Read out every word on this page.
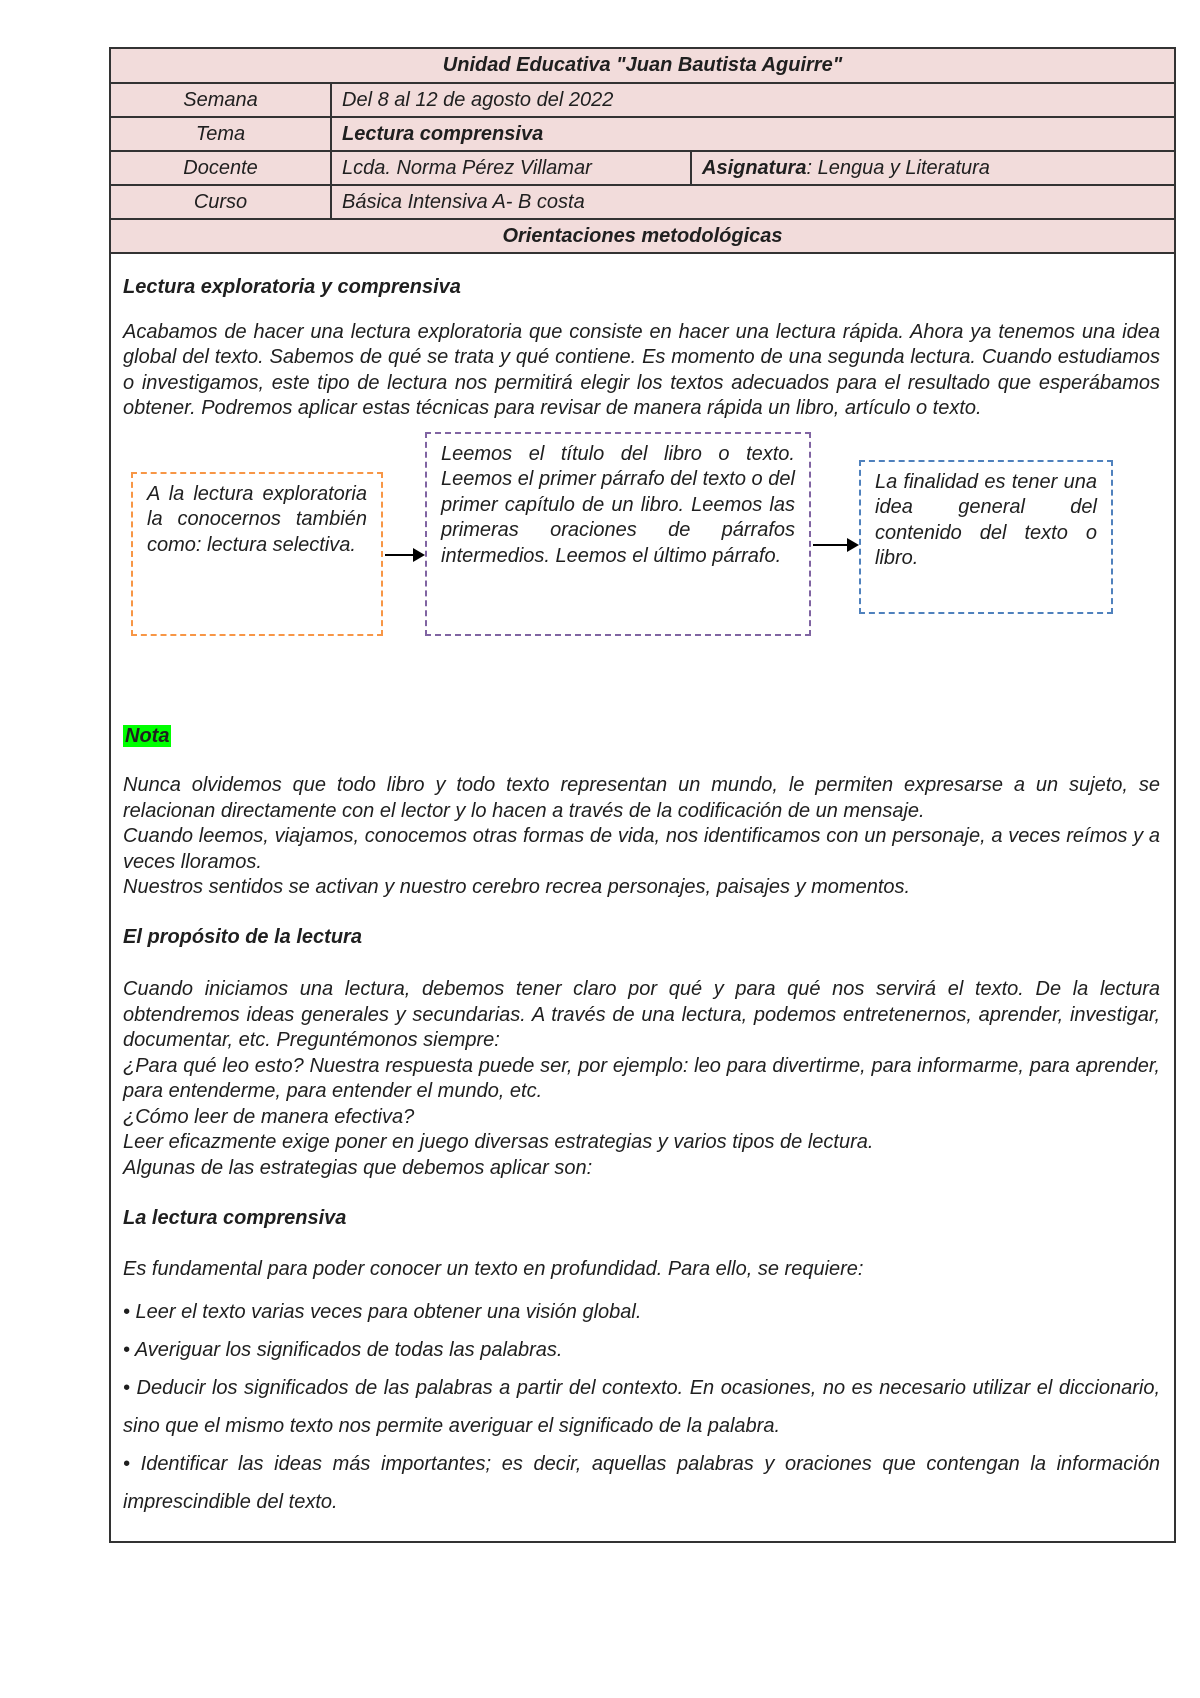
Unidad Educativa "Juan Bautista Aguirre"		
Semana	Del 8 al 12 de agosto del 2022	
Tema	Lectura comprensiva	
Docente	Lcda. Norma Pérez Villamar	Asignatura: Lengua y Literatura
Curso	Básica Intensiva A- B costa	
Orientaciones metodológicas		

Lectura exploratoria y comprensiva

Acabamos de hacer una lectura exploratoria que consiste en hacer una lectura rápida. Ahora ya tenemos una idea global del texto. Sabemos de qué se trata y qué contiene. Es momento de una segunda lectura. Cuando estudiamos o investigamos, este tipo de lectura nos permitirá elegir los textos adecuados para el resultado que esperábamos obtener. Podremos aplicar estas técnicas para revisar de manera rápida un libro, artículo o texto.

A la lectura exploratoria la conocernos también como: lectura selectiva.
Leemos el título del libro o texto. Leemos el primer párrafo del texto o del primer capítulo de un libro. Leemos las primeras oraciones de párrafos intermedios. Leemos el último párrafo.
La finalidad es tener una idea general del contenido del texto o libro.

Nota

Nunca olvidemos que todo libro y todo texto representan un mundo, le permiten expresarse a un sujeto, se relacionan directamente con el lector y lo hacen a través de la codificación de un mensaje.

Cuando leemos, viajamos, conocemos otras formas de vida, nos identificamos con un personaje, a veces reímos y a veces lloramos.

Nuestros sentidos se activan y nuestro cerebro recrea personajes, paisajes y momentos.

El propósito de la lectura

Cuando iniciamos una lectura, debemos tener claro por qué y para qué nos servirá el texto. De la lectura obtendremos ideas generales y secundarias. A través de una lectura, podemos entretenernos, aprender, investigar, documentar, etc. Preguntémonos siempre:

¿Para qué leo esto? Nuestra respuesta puede ser, por ejemplo: leo para divertirme, para informarme, para aprender, para entenderme, para entender el mundo, etc.

¿Cómo leer de manera efectiva?

Leer eficazmente exige poner en juego diversas estrategias y varios tipos de lectura.

Algunas de las estrategias que debemos aplicar son:

La lectura comprensiva

Es fundamental para poder conocer un texto en profundidad. Para ello, se requiere:

• Leer el texto varias veces para obtener una visión global.

• Averiguar los significados de todas las palabras.

• Deducir los significados de las palabras a partir del contexto. En ocasiones, no es necesario utilizar el diccionario, sino que el mismo texto nos permite averiguar el significado de la palabra.

• Identificar las ideas más importantes; es decir, aquellas palabras y oraciones que contengan la información imprescindible del texto.
